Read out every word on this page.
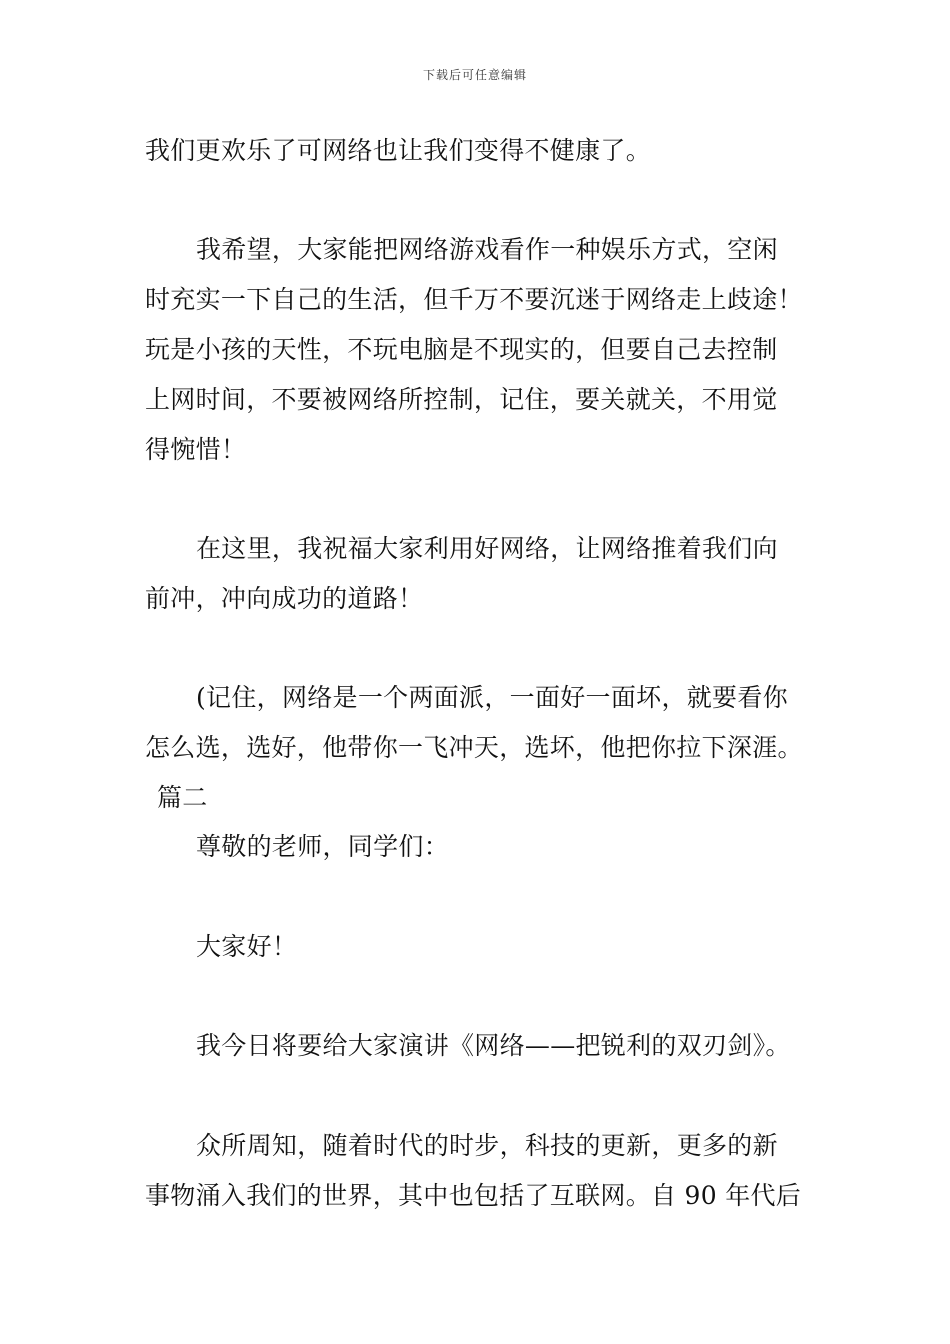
下载后可任意编辑
我们更欢乐了可网络也让我们变得不健康了。
我希望，大家能把网络游戏看作一种娱乐方式，空闲
时充实一下自己的生活，但千万不要沉迷于网络走上歧途！
玩是小孩的天性，不玩电脑是不现实的，但要自己去控制
上网时间，不要被网络所控制，记住，要关就关，不用觉
得惋惜！
在这里，我祝福大家利用好网络，让网络推着我们向
前冲，冲向成功的道路！
(记住，网络是一个两面派，一面好一面坏，就要看你
怎么选，选好，他带你一飞冲天，选坏，他把你拉下深涯。
篇二
尊敬的老师，同学们：
大家好！
我今日将要给大家演讲《网络——把锐利的双刃剑》。
众所周知，随着时代的时步，科技的更新，更多的新
事物涌入我们的世界，其中也包括了互联网。自 90 年代后
